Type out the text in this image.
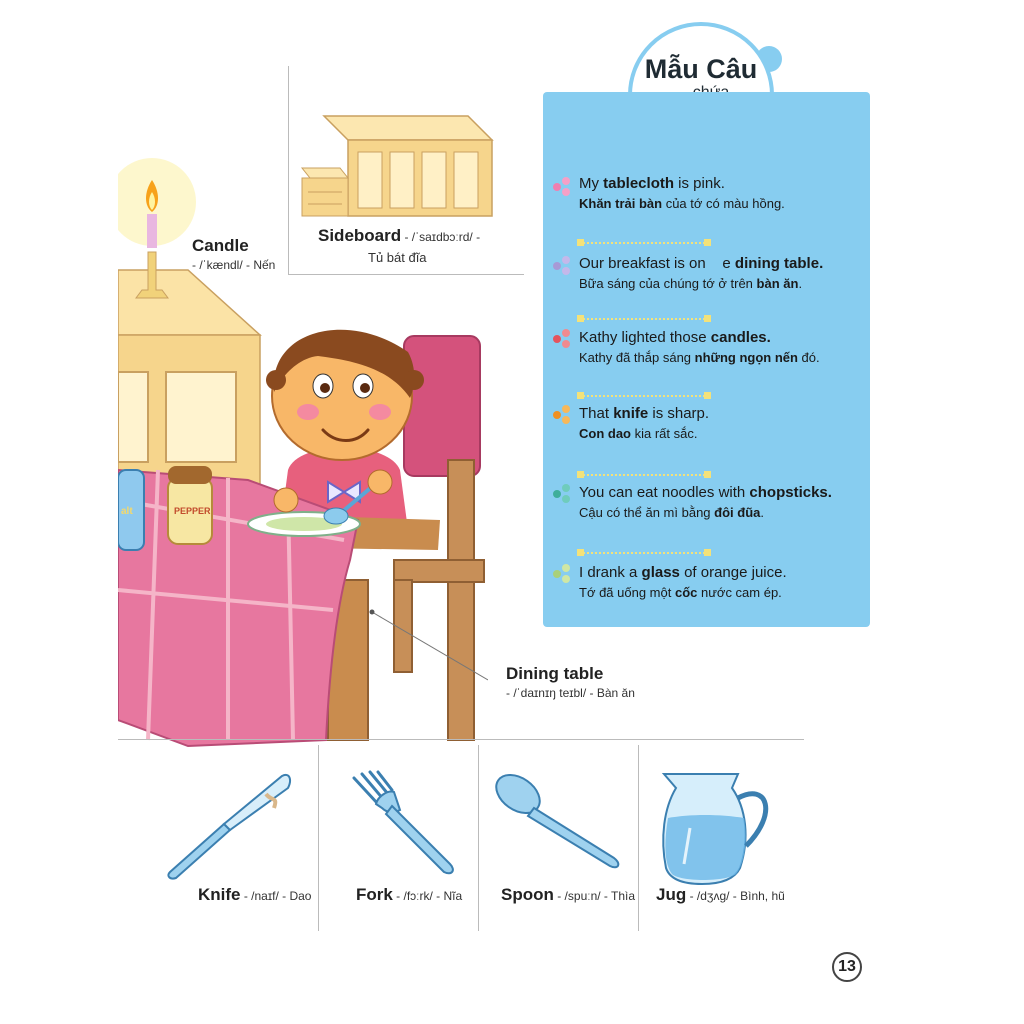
alt	PEPPER
Candle
- /ˈkændl/ - Nến
Sideboard - /ˈsaɪdbɔːrd/ -
Tủ bát đĩa
Dining table
- /ˈdaɪnɪŋ teɪbl/ - Bàn ăn
Mẫu Câu
My tablecloth is pink.
Khăn trải bàn của tớ có màu hồng.
Our breakfast is on    e dining table.
Bữa sáng của chúng tớ ở trên bàn ăn.
Kathy lighted those candles.
Kathy đã thắp sáng những ngọn nến đó.
That knife is sharp.
Con dao kia rất sắc.
You can eat noodles with chopsticks.
Cậu có thể ăn mì bằng đôi đũa.
I drank a glass of orange juice.
Tớ đã uống một cốc nước cam ép.
Knife - /naɪf/ - Dao	Fork - /fɔːrk/ - Nĩa Spoon - /spuːn/ - Thìa Jug - /dʒʌg/ - Bình, hũ
13
